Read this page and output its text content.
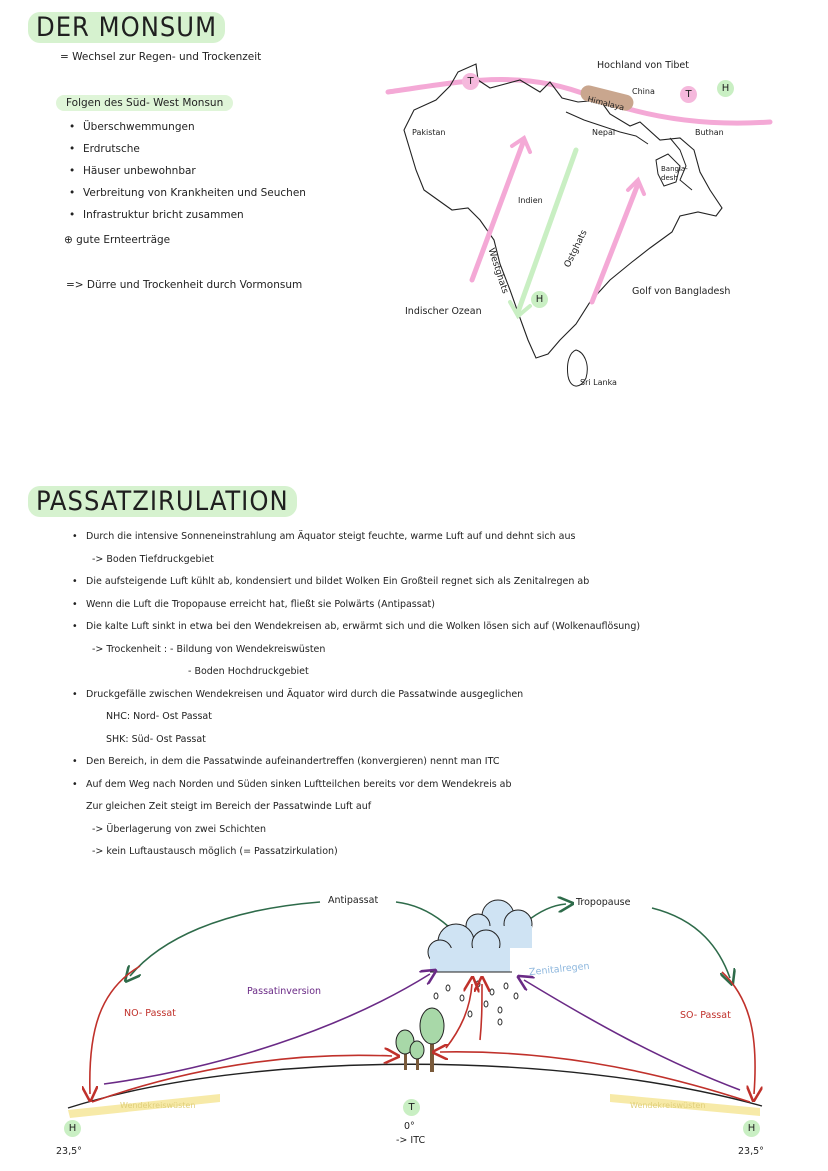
DER MONSUM
= Wechsel zur Regen- und Trockenzeit
Folgen des Süd- West Monsun
• Überschwemmungen
• Erdrutsche
• Häuser unbewohnbar
• Verbreitung von Krankheiten und Seuchen
• Infrastruktur bricht zusammen
⊕ gute Ernteerträge
=> Dürre und Trockenheit durch Vormonsum
Hochland von Tibet
China
Himalaya
Pakistan	Nepal	Buthan
Bangla-desh
Indien
Westghats	Ostghats
Indischer Ozean
Golf von Bangladesh
Sri Lanka
T
T
H
H
PASSATZIRULATION
• Durch die intensive Sonneneinstrahlung am Äquator steigt feuchte, warme Luft auf und dehnt sich aus
-> Boden Tiefdruckgebiet
• Die aufsteigende Luft kühlt ab, kondensiert und bildet Wolken Ein Großteil regnet sich als Zenitalregen ab
• Wenn die Luft die Tropopause erreicht hat, fließt sie Polwärts (Antipassat)
• Die kalte Luft sinkt in etwa bei den Wendekreisen ab, erwärmt sich und die Wolken lösen sich auf (Wolkenauflösung)
-> Trockenheit : - Bildung von Wendekreiswüsten
- Boden Hochdruckgebiet
• Druckgefälle zwischen Wendekreisen und Äquator wird durch die Passatwinde ausgeglichen
NHC: Nord- Ost Passat
SHK: Süd- Ost Passat
• Den Bereich, in dem die Passatwinde aufeinandertreffen (konvergieren) nennt man ITC
• Auf dem Weg nach Norden und Süden sinken Luftteilchen bereits vor dem Wendekreis ab
Zur gleichen Zeit steigt im Bereich der Passatwinde Luft auf
-> Überlagerung von zwei Schichten
-> kein Luftaustausch möglich (= Passatzirkulation)
Antipassat	Tropopause
Zenitalregen
Passatinversion
NO- Passat	SO- Passat
Wendekreiswüsten	Wendekreiswüsten
H	H
T
23,5°	23,5°
0°
-> ITC
